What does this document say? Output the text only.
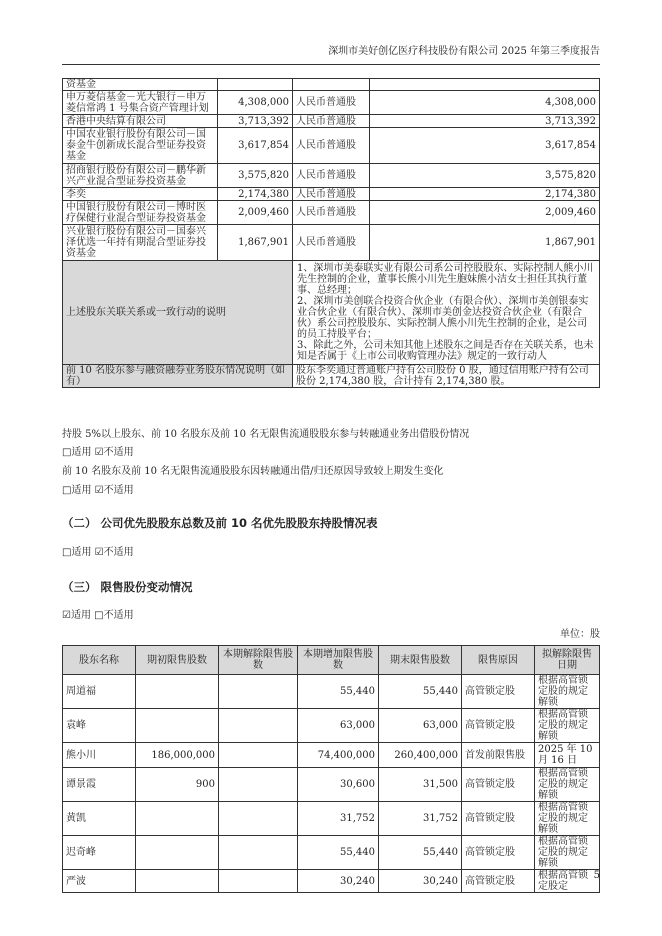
深圳市美好创亿医疗科技股份有限公司 2025 年第三季度报告
资基金			
申万菱信基金－光大银行－申万菱信常鸿 1 号集合资产管理计划	4,308,000	人民币普通股	4,308,000
香港中央结算有限公司	3,713,392	人民币普通股	3,713,392
中国农业银行股份有限公司－国泰金牛创新成长混合型证券投资基金	3,617,854	人民币普通股	3,617,854
招商银行股份有限公司－鹏华新兴产业混合型证券投资基金	3,575,820	人民币普通股	3,575,820
李奕	2,174,380	人民币普通股	2,174,380
中国银行股份有限公司－博时医疗保健行业混合型证券投资基金	2,009,460	人民币普通股	2,009,460
兴业银行股份有限公司－国泰兴泽优选一年持有期混合型证券投资基金	1,867,901	人民币普通股	1,867,901
上述股东关联关系或一致行动的说明		1、深圳市美泰联实业有限公司系公司控股股东、实际控制人熊小川先生控制的企业，董事长熊小川先生胞妹熊小洁女士担任其执行董事、总经理；
2、深圳市美创联合投资合伙企业（有限合伙）、深圳市美创银泰实业合伙企业（有限合伙）、深圳市美创金达投资合伙企业（有限合伙）系公司控股股东、实际控制人熊小川先生控制的企业，是公司的员工持股平台；
3、除此之外，公司未知其他上述股东之间是否存在关联关系，也未知是否属于《上市公司收购管理办法》规定的一致行动人	

前 10 名股东参与融资融券业务股东情况说明（如有）		股东李奕通过普通账户持有公司股份 0 股，通过信用账户持有公司股份 2,174,380 股，合计持有 2,174,380 股。	
持股 5%以上股东、前 10 名股东及前 10 名无限售流通股股东参与转融通业务出借股份情况
□适用 ☑不适用
前 10 名股东及前 10 名无限售流通股股东因转融通出借/归还原因导致较上期发生变化
□适用 ☑不适用
（二） 公司优先股股东总数及前 10 名优先股股东持股情况表
□适用 ☑不适用
（三） 限售股份变动情况
☑适用 □不适用
单位：股
股东名称	期初限售股数	本期解除限售股数	本期增加限售股数	期末限售股数	限售原因	拟解除限售日期
周道福			55,440	55,440	高管锁定股	根据高管锁定股的规定解锁
袁峰			63,000	63,000	高管锁定股	根据高管锁定股的规定解锁
熊小川	186,000,000		74,400,000	260,400,000	首发前限售股	2025 年 10 月 16 日
谭景霞	900		30,600	31,500	高管锁定股	根据高管锁定股的规定解锁
黄凯			31,752	31,752	高管锁定股	根据高管锁定股的规定解锁
迟奇峰			55,440	55,440	高管锁定股	根据高管锁定股的规定解锁
严波			30,240	30,240	高管锁定股	根据高管锁定股定
5
